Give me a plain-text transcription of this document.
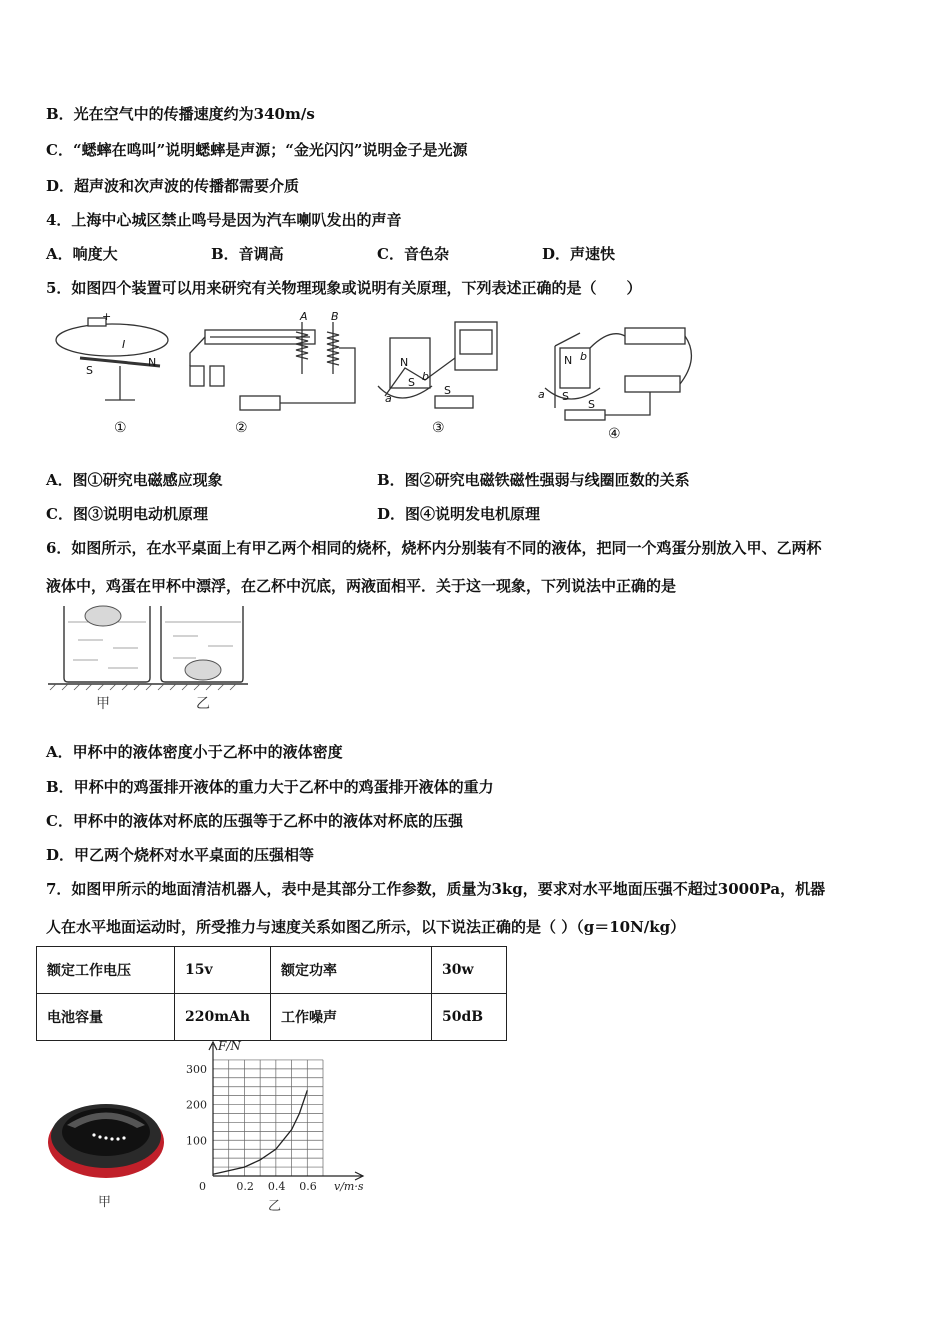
B．光在空气中的传播速度约为340m/s
C．“蟋蟀在鸣叫”说明蟋蟀是声源；“金光闪闪”说明金子是光源
D．超声波和次声波的传播都需要介质
4．上海中心城区禁止鸣号是因为汽车喇叭发出的声音
A．响度大	B．音调高	C．音色杂	D．声速快
5．如图四个装置可以用来研究有关物理现象或说明有关原理，下列表述正确的是（　　）
+
I
S
N
A B
N
S
a
b
S
N
S
a
b
S
①	②	③	④
A．图①研究电磁感应现象	B．图②研究电磁铁磁性强弱与线圈匝数的关系
C．图③说明电动机原理	D．图④说明发电机原理
6．如图所示，在水平桌面上有甲乙两个相同的烧杯，烧杯内分别装有不同的液体，把同一个鸡蛋分别放入甲、乙两杯
液体中，鸡蛋在甲杯中漂浮，在乙杯中沉底，两液面相平．关于这一现象，下列说法中正确的是
甲	乙
A．甲杯中的液体密度小于乙杯中的液体密度
B．甲杯中的鸡蛋排开液体的重力大于乙杯中的鸡蛋排开液体的重力
C．甲杯中的液体对杯底的压强等于乙杯中的液体对杯底的压强
D．甲乙两个烧杯对水平桌面的压强相等
7．如图甲所示的地面清洁机器人，表中是其部分工作参数，质量为3kg，要求对水平地面压强不超过3000Pa，机器
人在水平地面运动时，所受推力与速度关系如图乙所示，以下说法正确的是（ ）（g＝10N/kg）
额定工作电压	15v	额定功率	30w
电池容量	220mAh	工作噪声	50dB
甲
0	0.2 0.4 0.6
100
200
300
F/N
v/m·s
乙
